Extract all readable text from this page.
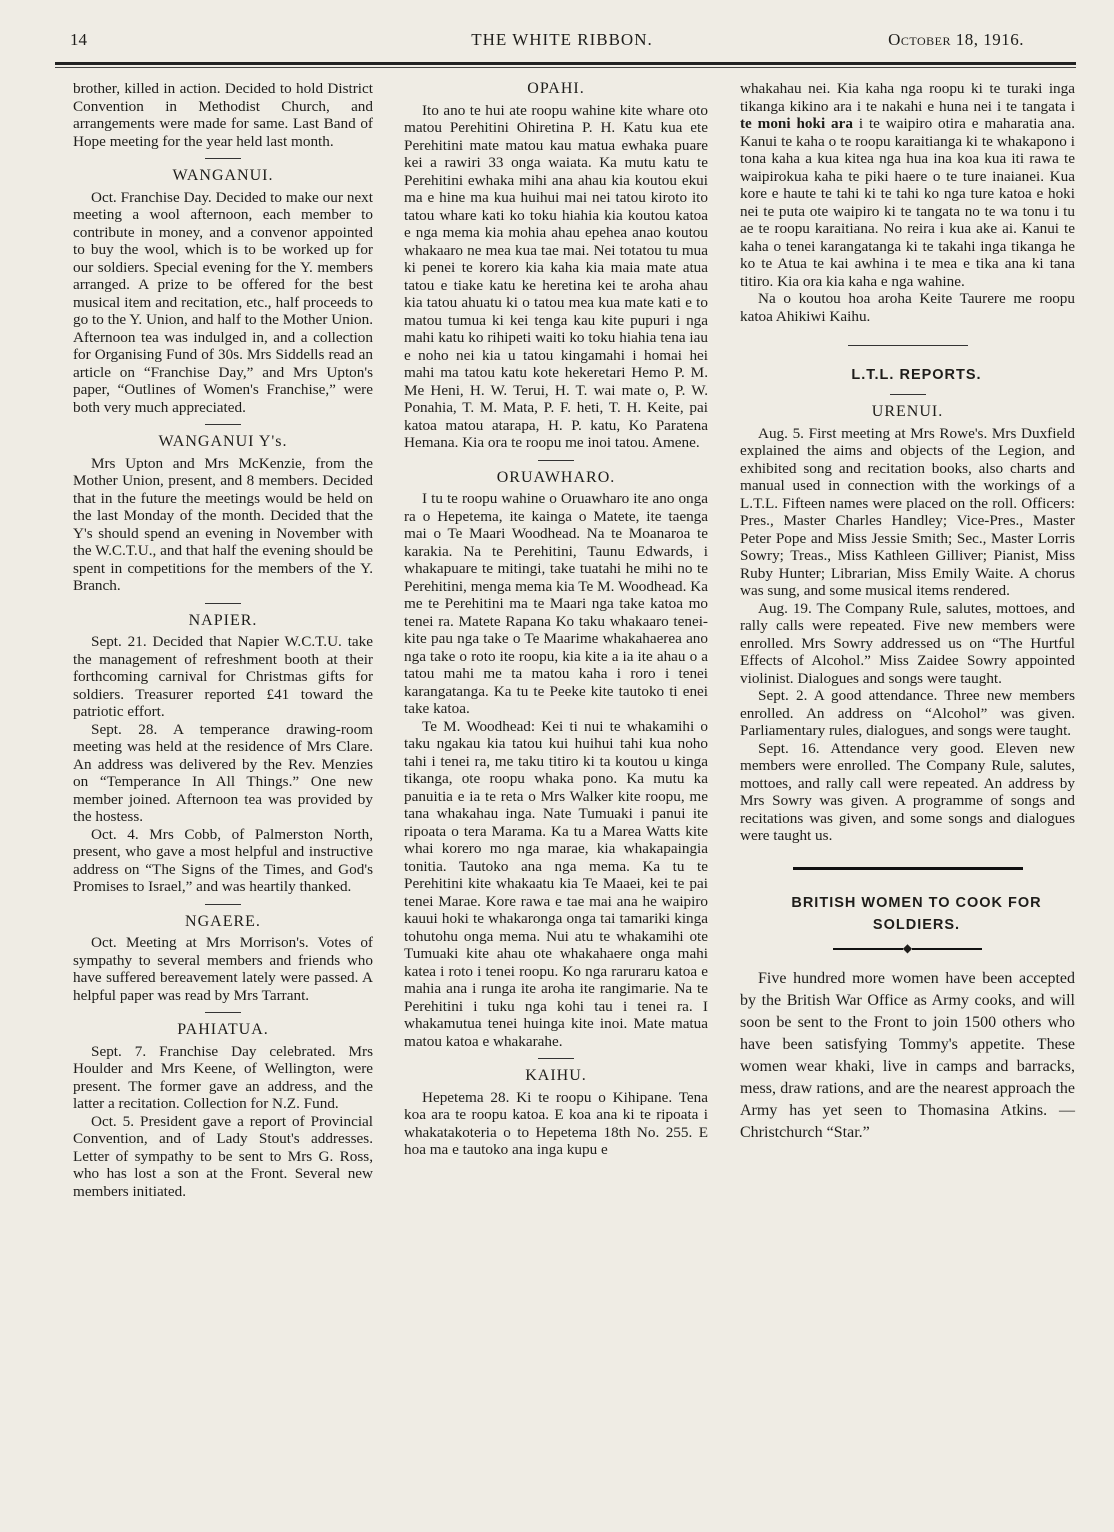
14	THE WHITE RIBBON.	October 18, 1916.

brother, killed in action. Decided to hold District Convention in Methodist Church, and arrangements were made for same. Last Band of Hope meeting for the year held last month.

WANGANUI.

Oct. Franchise Day. Decided to make our next meeting a wool afternoon, each member to contribute in money, and a convenor appointed to buy the wool, which is to be worked up for our soldiers. Special evening for the Y. members arranged. A prize to be offered for the best musical item and recitation, etc., half proceeds to go to the Y. Union, and half to the Mother Union. Afternoon tea was indulged in, and a collection for Organising Fund of 30s. Mrs Siddells read an article on “Franchise Day,” and Mrs Upton's paper, “Outlines of Women's Franchise,” were both very much appreciated.

WANGANUI Y's.

Mrs Upton and Mrs McKenzie, from the Mother Union, present, and 8 members. Decided that in the future the meetings would be held on the last Monday of the month. Decided that the Y's should spend an evening in November with the W.C.T.U., and that half the evening should be spent in competitions for the members of the Y. Branch.

NAPIER.

Sept. 21. Decided that Napier W.C.T.U. take the management of refreshment booth at their forthcoming carnival for Christmas gifts for soldiers. Treasurer reported £41 toward the patriotic effort.

Sept. 28. A temperance drawing-room meeting was held at the residence of Mrs Clare. An address was delivered by the Rev. Menzies on “Temperance In All Things.” One new member joined. Afternoon tea was provided by the hostess.

Oct. 4. Mrs Cobb, of Palmerston North, present, who gave a most helpful and instructive address on “The Signs of the Times, and God's Promises to Israel,” and was heartily thanked.

NGAERE.

Oct. Meeting at Mrs Morrison's. Votes of sympathy to several members and friends who have suffered bereavement lately were passed. A helpful paper was read by Mrs Tarrant.

PAHIATUA.

Sept. 7. Franchise Day celebrated. Mrs Houlder and Mrs Keene, of Wellington, were present. The former gave an address, and the latter a recitation. Collection for N.Z. Fund.

Oct. 5. President gave a report of Provincial Convention, and of Lady Stout's addresses. Letter of sympathy to be sent to Mrs G. Ross, who has lost a son at the Front. Several new members initiated.

OPAHI.

Ito ano te hui ate roopu wahine kite whare oto matou Perehitini Ohiretina P. H. Katu kua ete Perehitini mate matou kau matua ewhaka puare kei a rawiri 33 onga waiata. Ka mutu katu te Perehitini ewhaka mihi ana ahau kia koutou ekui ma e hine ma kua huihui mai nei tatou kiroto ito tatou whare kati ko toku hiahia kia koutou katoa e nga mema kia mohia ahau epehea anao koutou whakaaro ne mea kua tae mai. Nei totatou tu mua ki penei te korero kia kaha kia maia mate atua tatou e tiake katu ke heretina kei te aroha ahau kia tatou ahuatu ki o tatou mea kua mate kati e to matou tumua ki kei tenga kau kite pupuri i nga mahi katu ko rihipeti waiti ko toku hiahia tena iau e noho nei kia u tatou kingamahi i homai hei mahi ma tatou katu kote hekeretari Hemo P. M. Me Heni, H. W. Terui, H. T. wai mate o, P. W. Ponahia, T. M. Mata, P. F. heti, T. H. Keite, pai katoa matou atarapa, H. P. katu, Ko Paratena Hemana. Kia ora te roopu me inoi tatou. Amene.

ORUAWHARO.

I tu te roopu wahine o Oruawharo ite ano onga ra o Hepetema, ite kainga o Matete, ite taenga mai o Te Maari Woodhead. Na te Moanaroa te karakia. Na te Perehitini, Taunu Edwards, i whakapuare te mitingi, take tuatahi he mihi no te Perehitini, menga mema kia Te M. Woodhead. Ka me te Perehitini ma te Maari nga take katoa mo tenei ra. Matete Rapana Ko taku whakaaro tenei-kite pau nga take o Te Maarime whakahaerea ano nga take o roto ite roopu, kia kite a ia ite ahau o a tatou mahi me ta matou kaha i roro i tenei karangatanga. Ka tu te Peeke kite tautoko ti enei take katoa.

Te M. Woodhead: Kei ti nui te whakamihi o taku ngakau kia tatou kui huihui tahi kua noho tahi i tenei ra, me taku titiro ki ta koutou u kinga tikanga, ote roopu whaka pono. Ka mutu ka panuitia e ia te reta o Mrs Walker kite roopu, me tana whakahau inga. Nate Tumuaki i panui ite ripoata o tera Marama. Ka tu a Marea Watts kite whai korero mo nga marae, kia whakapaingia tonitia. Tautoko ana nga mema. Ka tu te Perehitini kite whakaatu kia Te Maaei, kei te pai tenei Marae. Kore rawa e tae mai ana he waipiro kauui hoki te whakaronga onga tai tamariki kinga tohutohu onga mema. Nui atu te whakamihi ote Tumuaki kite ahau ote whakahaere onga mahi katea i roto i tenei roopu. Ko nga raruraru katoa e mahia ana i runga ite aroha ite rangimarie. Na te Perehitini i tuku nga kohi tau i tenei ra. I whakamutua tenei huinga kite inoi. Mate matua matou katoa e whakarahe.

KAIHU.

Hepetema 28. Ki te roopu o Kihipane. Tena koa ara te roopu katoa. E koa ana ki te ripoata i whakatakoteria o to Hepetema 18th No. 255. E hoa ma e tautoko ana inga kupu e

whakahau nei. Kia kaha nga roopu ki te turaki inga tikanga kikino ara i te nakahi e huna nei i te tangata i te moni hoki ara i te waipiro otira e maharatia ana. Kanui te kaha o te roopu karaitianga ki te whakapono i tona kaha a kua kitea nga hua ina koa kua iti rawa te waipirokua kaha te piki haere o te ture inaianei. Kua kore e haute te tahi ki te tahi ko nga ture katoa e hoki nei te puta ote waipiro ki te tangata no te wa tonu i tu ae te roopu karaitiana. No reira i kua ake ai. Kanui te kaha o tenei karangatanga ki te takahi inga tikanga he ko te Atua te kai awhina i te mea e tika ana ki tana titiro. Kia ora kia kaha e nga wahine.

Na o koutou hoa aroha Keite Taurere me roopu katoa Ahikiwi Kaihu.

L.T.L. REPORTS.

URENUI.

Aug. 5. First meeting at Mrs Rowe's. Mrs Duxfield explained the aims and objects of the Legion, and exhibited song and recitation books, also charts and manual used in connection with the workings of a L.T.L. Fifteen names were placed on the roll. Officers: Pres., Master Charles Handley; Vice-Pres., Master Peter Pope and Miss Jessie Smith; Sec., Master Lorris Sowry; Treas., Miss Kathleen Gilliver; Pianist, Miss Ruby Hunter; Librarian, Miss Emily Waite. A chorus was sung, and some musical items rendered.

Aug. 19. The Company Rule, salutes, mottoes, and rally calls were repeated. Five new members were enrolled. Mrs Sowry addressed us on “The Hurtful Effects of Alcohol.” Miss Zaidee Sowry appointed violinist. Dialogues and songs were taught.

Sept. 2. A good attendance. Three new members enrolled. An address on “Alcohol” was given. Parliamentary rules, dialogues, and songs were taught.

Sept. 16. Attendance very good. Eleven new members were enrolled. The Company Rule, salutes, mottoes, and rally call were repeated. An address by Mrs Sowry was given. A programme of songs and recitations was given, and some songs and dialogues were taught us.

BRITISH WOMEN TO COOK FOR

SOLDIERS.

◆

Five hundred more women have been accepted by the British War Office as Army cooks, and will soon be sent to the Front to join 1500 others who have been satisfying Tommy's appetite. These women wear khaki, live in camps and barracks, mess, draw rations, and are the nearest approach the Army has yet seen to Thomasina Atkins. — Christchurch “Star.”
